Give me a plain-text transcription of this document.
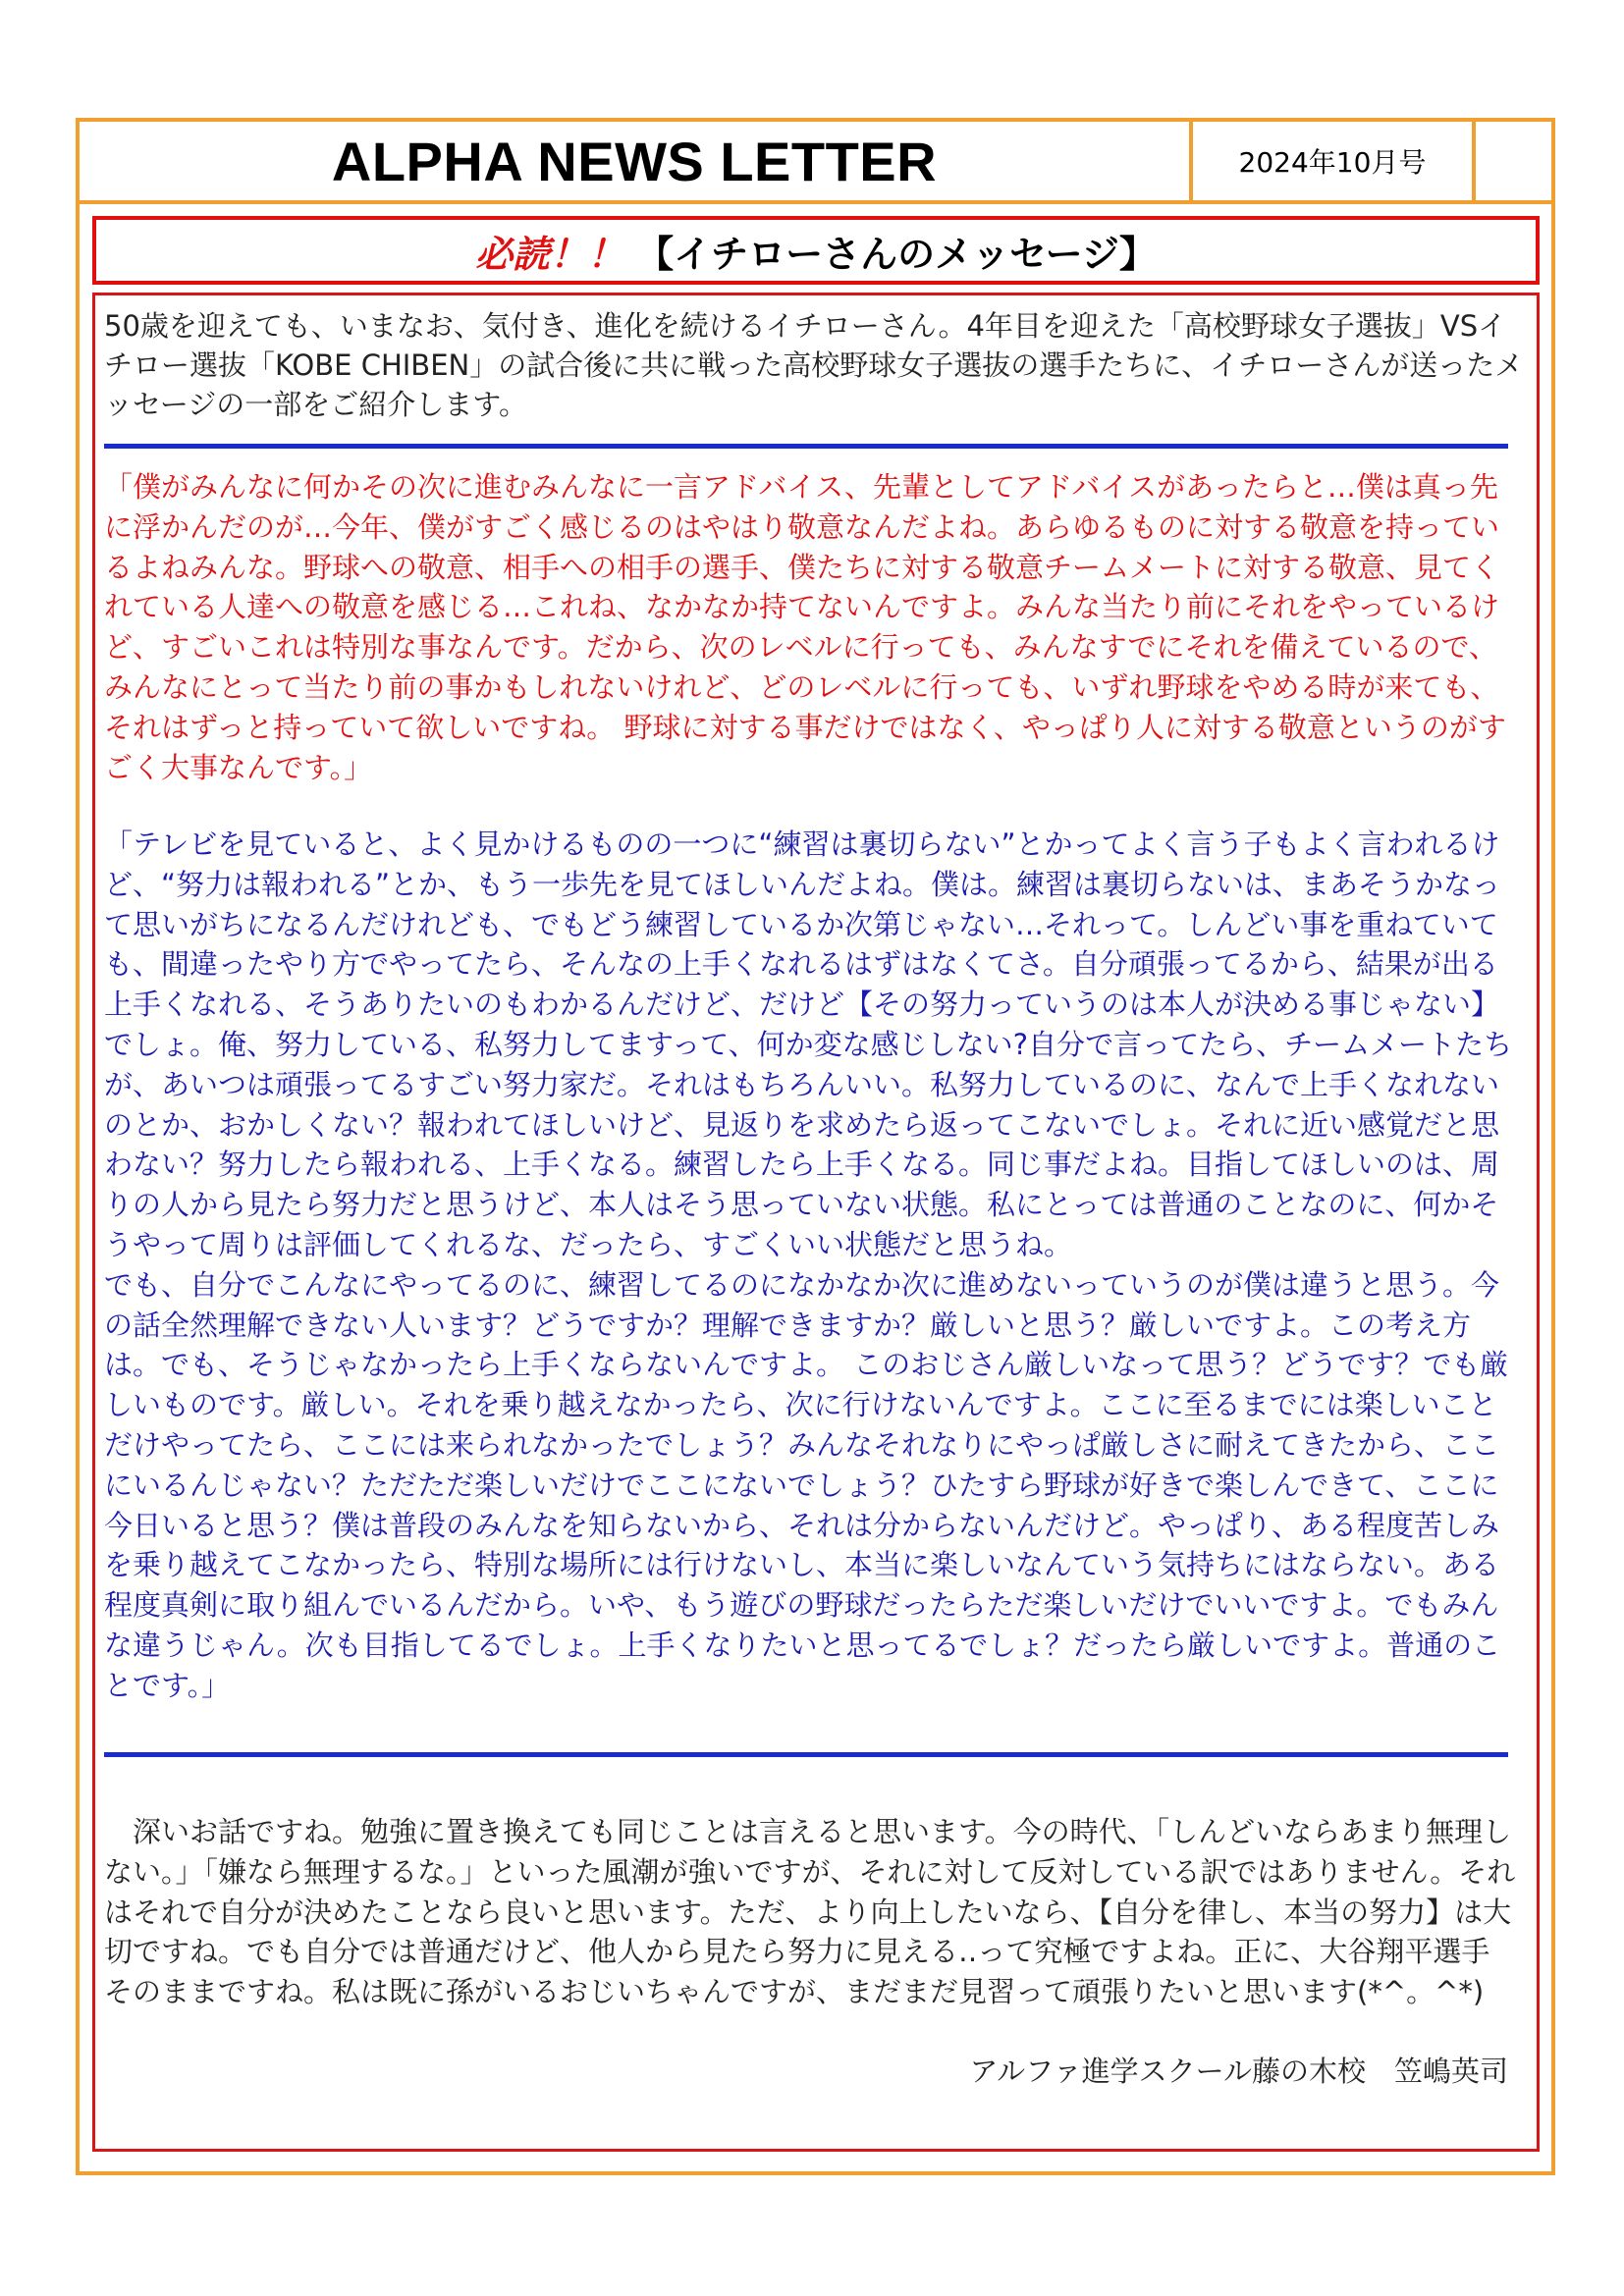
ALPHA NEWS LETTER	2024年10月号
必読！！ 【イチローさんのメッセージ】

50歳を迎えても、いまなお、気付き、進化を続けるイチローさん。4年目を迎えた「高校野球女子選抜」VSイチロー選抜「KOBE CHIBEN」の試合後に共に戦った高校野球女子選抜の選手たちに、イチローさんが送ったメッセージの一部をご紹介します。

「僕がみんなに何かその次に進むみんなに一言アドバイス、先輩としてアドバイスがあったらと…僕は真っ先に浮かんだのが…今年、僕がすごく感じるのはやはり敬意なんだよね。あらゆるものに対する敬意を持っているよねみんな。野球への敬意、相手への相手の選手、僕たちに対する敬意チームメートに対する敬意、見てくれている人達への敬意を感じる…これね、なかなか持てないんですよ。みんな当たり前にそれをやっているけど、すごいこれは特別な事なんです。だから、次のレベルに行っても、みんなすでにそれを備えているので、みんなにとって当たり前の事かもしれないけれど、どのレベルに行っても、いずれ野球をやめる時が来ても、それはずっと持っていて欲しいですね。 野球に対する事だけではなく、やっぱり人に対する敬意というのがすごく大事なんです。」

「テレビを見ていると、よく見かけるものの一つに“練習は裏切らない”とかってよく言う子もよく言われるけど、“努力は報われる”とか、もう一歩先を見てほしいんだよね。僕は。練習は裏切らないは、まあそうかなって思いがちになるんだけれども、でもどう練習しているか次第じゃない…それって。しんどい事を重ねていても、間違ったやり方でやってたら、そんなの上手くなれるはずはなくてさ。自分頑張ってるから、結果が出る上手くなれる、そうありたいのもわかるんだけど、だけど【その努力っていうのは本人が決める事じゃない】でしょ。俺、努力している、私努力してますって、何か変な感じしない?自分で言ってたら、チームメートたちが、あいつは頑張ってるすごい努力家だ。それはもちろんいい。私努力しているのに、なんで上手くなれないのとか、おかしくない？報われてほしいけど、見返りを求めたら返ってこないでしょ。それに近い感覚だと思わない？努力したら報われる、上手くなる。練習したら上手くなる。同じ事だよね。目指してほしいのは、周りの人から見たら努力だと思うけど、本人はそう思っていない状態。私にとっては普通のことなのに、何かそうやって周りは評価してくれるな、だったら、すごくいい状態だと思うね。

でも、自分でこんなにやってるのに、練習してるのになかなか次に進めないっていうのが僕は違うと思う。今の話全然理解できない人います？どうですか？理解できますか？厳しいと思う？厳しいですよ。この考え方は。でも、そうじゃなかったら上手くならないんですよ。 このおじさん厳しいなって思う？どうです？でも厳しいものです。厳しい。それを乗り越えなかったら、次に行けないんですよ。ここに至るまでには楽しいことだけやってたら、ここには来られなかったでしょう？みんなそれなりにやっぱ厳しさに耐えてきたから、ここにいるんじゃない？ただただ楽しいだけでここにないでしょう？ひたすら野球が好きで楽しんできて、ここに今日いると思う？僕は普段のみんなを知らないから、それは分からないんだけど。やっぱり、ある程度苦しみを乗り越えてこなかったら、特別な場所には行けないし、本当に楽しいなんていう気持ちにはならない。ある程度真剣に取り組んでいるんだから。いや、もう遊びの野球だったらただ楽しいだけでいいですよ。でもみんな違うじゃん。次も目指してるでしょ。上手くなりたいと思ってるでしょ？だったら厳しいですよ。普通のことです。」

　深いお話ですね。勉強に置き換えても同じことは言えると思います。今の時代、「しんどいならあまり無理しない。」「嫌なら無理するな。」といった風潮が強いですが、それに対して反対している訳ではありません。それはそれで自分が決めたことなら良いと思います。ただ、より向上したいなら、【自分を律し、本当の努力】は大切ですね。でも自分では普通だけど、他人から見たら努力に見える‥って究極ですよね。正に、大谷翔平選手そのままですね。私は既に孫がいるおじいちゃんですが、まだまだ見習って頑張りたいと思います(*^。^*)

アルファ進学スクール藤の木校　笠嶋英司
